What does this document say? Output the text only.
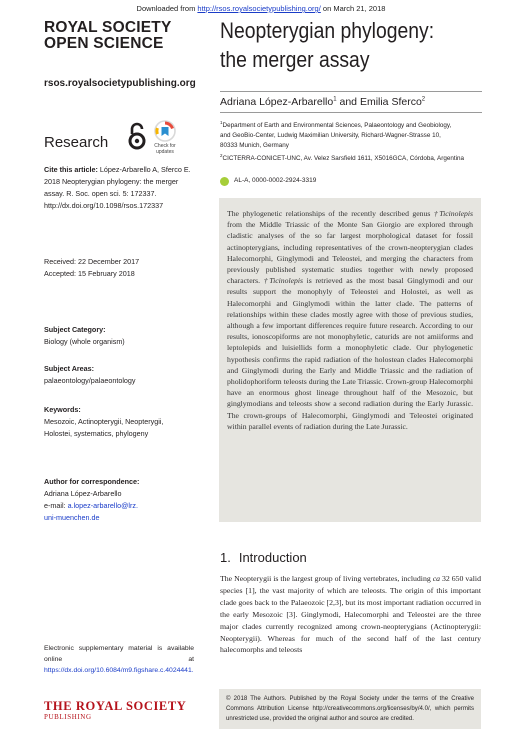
Downloaded from http://rsos.royalsocietypublishing.org/ on March 21, 2018
ROYAL SOCIETY
OPEN SCIENCE
rsos.royalsocietypublishing.org
Research	Check for
updates
Cite this article: López-Arbarello A, Sferco E.
2018 Neopterygian phylogeny: the merger
assay. R. Soc. open sci. 5: 172337.
http://dx.doi.org/10.1098/rsos.172337
Received: 22 December 2017
Accepted: 15 February 2018
Subject Category:
Biology (whole organism)
Subject Areas:
palaeontology/palaeontology
Keywords:
Mesozoic, Actinopterygii, Neopterygii,
Holostei, systematics, phylogeny
Author for correspondence:
Adriana López-Arbarello
e-mail: a.lopez-arbarello@lrz.
uni-muenchen.de
Electronic supplementary material is available online at https://dx.doi.org/10.6084/m9.figshare.c.4024441.
THE ROYAL SOCIETY
PUBLISHING
Neopterygian phylogeny:
the merger assay
Adriana López-Arbarello$^1$ and Emilia Sferco$^2$
$^1$Department of Earth and Environmental Sciences, Palaeontology and Geobiology,
and GeoBio-Center, Ludwig Maximilian University, Richard-Wagner-Strasse 10,
80333 Munich, Germany
$^2$CICTERRA-CONICET-UNC, Av. Velez Sarsfield 1611, X5016GCA, Córdoba, Argentina
AL-A, 0000-0002-2924-3319
The phylogenetic relationships of the recently described genus †Ticinolepis from the Middle Triassic of the Monte San Giorgio are explored through cladistic analyses of the so far largest morphological dataset for fossil actinopterygians, including representatives of the crown-neopterygian clades Halecomorphi, Ginglymodi and Teleostei, and merging the characters from previously published systematic studies together with newly proposed characters. †Ticinolepis is retrieved as the most basal Ginglymodi and our results support the monophyly of Teleostei and Holostei, as well as Halecomorphi and Ginglymodi within the latter clade. The patterns of relationships within these clades mostly agree with those of previous studies, although a few important differences require future research. According to our results, ionoscopiforms are not monophyletic, caturids are not amiiforms and leptolepids and luisiellids form a monophyletic clade. Our phylogenetic hypothesis confirms the rapid radiation of the holostean clades Halecomorphi and Ginglymodi during the Early and Middle Triassic and the radiation of pholidophoriform teleosts during the Late Triassic. Crown-group Halecomorphi have an enormous ghost lineage throughout half of the Mesozoic, but ginglymodians and teleosts show a second radiation during the Early Jurassic. The crown-groups of Halecomorphi, Ginglymodi and Teleostei originated within parallel events of radiation during the Late Jurassic.
1. Introduction
The Neopterygii is the largest group of living vertebrates, including ca 32 650 valid species [1], the vast majority of which are teleosts. The origin of this important clade goes back to the Palaeozoic [2,3], but its most important radiation occurred in the early Mesozoic [3]. Ginglymodi, Halecomorphi and Teleostei are the three major clades currently recognized among crown-neopterygians (Actinopterygii: Neopterygii). Whereas for much of the second half of the last century halecomorphs and teleosts
© 2018 The Authors. Published by the Royal Society under the terms of the Creative Commons Attribution License http://creativecommons.org/licenses/by/4.0/, which permits unrestricted use, provided the original author and source are credited.
